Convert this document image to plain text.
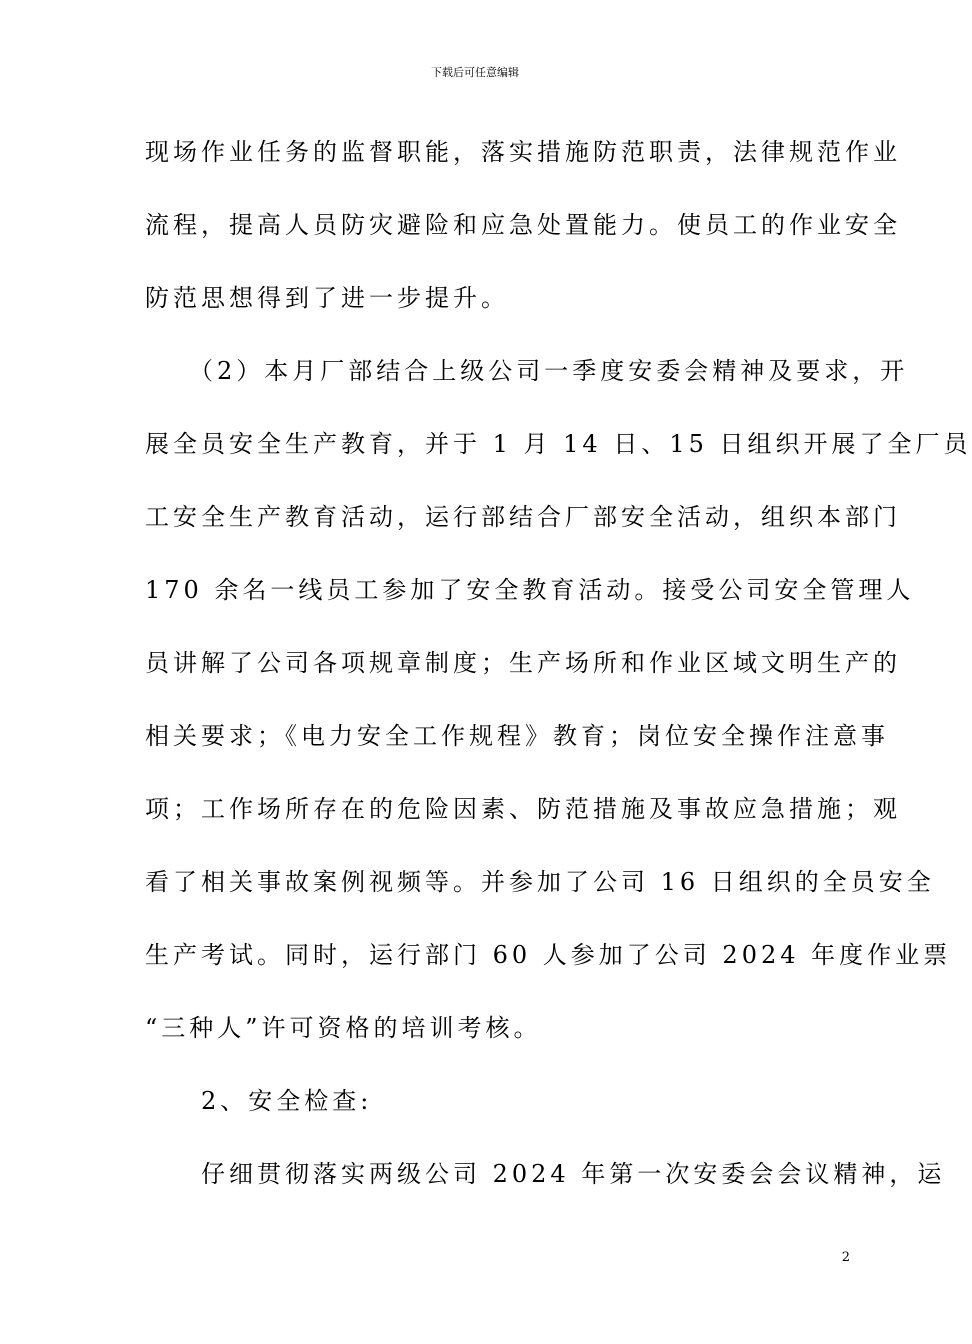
下载后可任意编辑
现场作业任务的监督职能，落实措施防范职责，法律规范作业
流程，提高人员防灾避险和应急处置能力。使员工的作业安全
防范思想得到了进一步提升。
　　（2）本月厂部结合上级公司一季度安委会精神及要求，开
展全员安全生产教育，并于 1 月 14 日、15 日组织开展了全厂员
工安全生产教育活动，运行部结合厂部安全活动，组织本部门
170 余名一线员工参加了安全教育活动。接受公司安全管理人
员讲解了公司各项规章制度；生产场所和作业区域文明生产的
相关要求；《电力安全工作规程》教育；岗位安全操作注意事
项；工作场所存在的危险因素、防范措施及事故应急措施；观
看了相关事故案例视频等。并参加了公司 16 日组织的全员安全
生产考试。同时，运行部门 60 人参加了公司 2024 年度作业票
“三种人”许可资格的培训考核。
　　2、安全检查:
　　仔细贯彻落实两级公司 2024 年第一次安委会会议精神，运
2
